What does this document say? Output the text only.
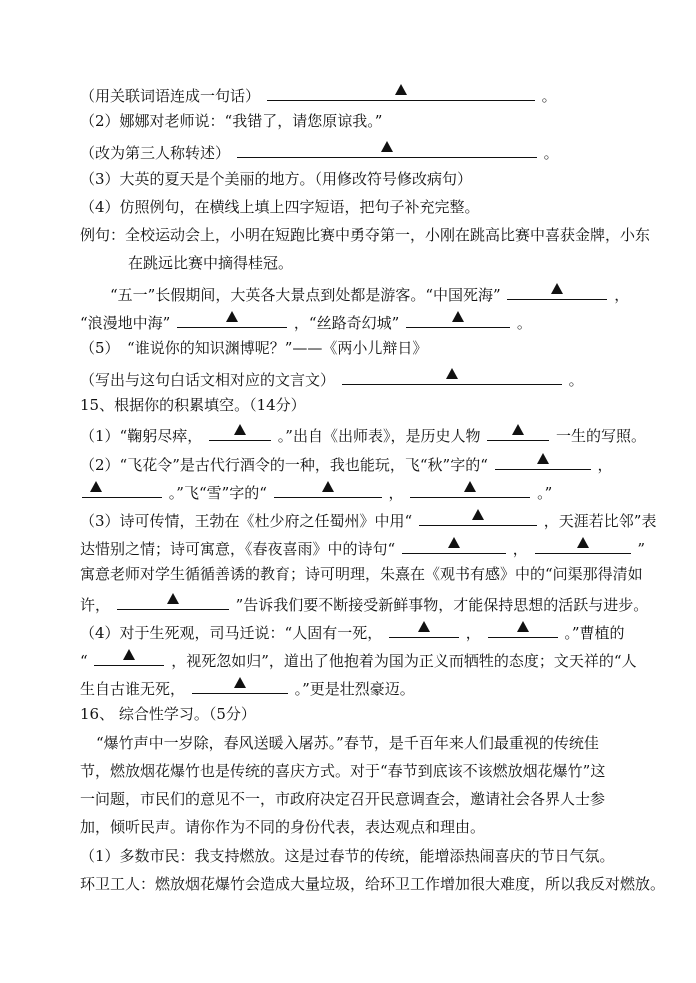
（用关联词语连成一句话）	。
（2）娜娜对老师说：“我错了，请您原谅我。”
（改为第三人称转述）	。
（3）大英的夏天是个美丽的地方。（用修改符号修改病句）
（4）仿照例句，在横线上填上四字短语，把句子补充完整。
例句：全校运动会上，小明在短跑比赛中勇夺第一，小刚在跳高比赛中喜获金牌，小东
在跳远比赛中摘得桂冠。
“五一”长假期间，大英各大景点到处都是游客。“中国死海”	，
“浪漫地中海”	，“丝路奇幻城”	。
（5）　“谁说你的知识渊博呢？”——《两小儿辩日》
（写出与这句白话文相对应的文言文）	。
15、根据你的积累填空。（14分）
（1）“鞠躬尽瘁，	。”出自《出师表》，是历史人物	一生的写照。
（2）“飞花令”是古代行酒令的一种，我也能玩，飞“秋”字的“	，
。”飞“雪”字的“	，	。”
（3）诗可传情，王勃在《杜少府之任蜀州》中用“	，天涯若比邻”表
达惜别之情；诗可寓意，《春夜喜雨》中的诗句“	，	”
寓意老师对学生循循善诱的教育；诗可明理，朱熹在《观书有感》中的“问渠那得清如
许，	”告诉我们要不断接受新鲜事物，才能保持思想的活跃与进步。
（4）对于生死观，司马迁说：“人固有一死，	，	。”曹植的
“	，视死忽如归”，道出了他抱着为国为正义而牺牲的态度；文天祥的“人
生自古谁无死，	。”更是壮烈豪迈。
16、 综合性学习。（5分）
“爆竹声中一岁除，春风送暖入屠苏。”春节，是千百年来人们最重视的传统佳
节，燃放烟花爆竹也是传统的喜庆方式。对于“春节到底该不该燃放烟花爆竹”这
一问题，市民们的意见不一，市政府决定召开民意调查会，邀请社会各界人士参
加，倾听民声。请你作为不同的身份代表，表达观点和理由。
（1）多数市民：我支持燃放。这是过春节的传统，能增添热闹喜庆的节日气氛。
环卫工人：燃放烟花爆竹会造成大量垃圾，给环卫工作增加很大难度，所以我反对燃放。
